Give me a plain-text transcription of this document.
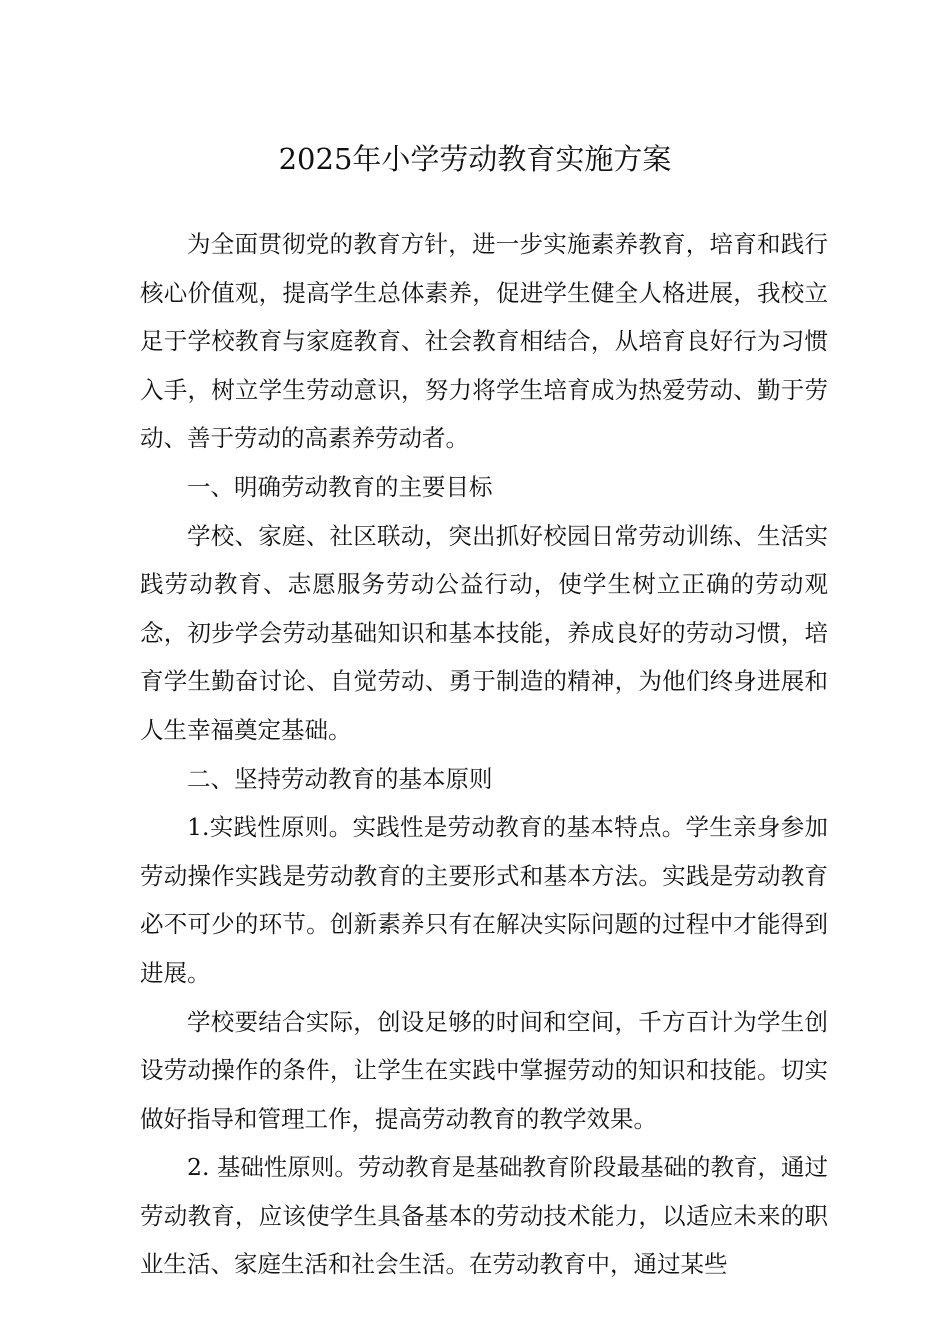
2025年小学劳动教育实施方案

为全面贯彻党的教育方针，进一步实施素养教育，培育和践行核心价值观，提高学生总体素养，促进学生健全人格进展，我校立足于学校教育与家庭教育、社会教育相结合，从培育良好行为习惯入手，树立学生劳动意识，努力将学生培育成为热爱劳动、勤于劳动、善于劳动的高素养劳动者。

一、明确劳动教育的主要目标

学校、家庭、社区联动，突出抓好校园日常劳动训练、生活实践劳动教育、志愿服务劳动公益行动，使学生树立正确的劳动观念，初步学会劳动基础知识和基本技能，养成良好的劳动习惯，培育学生勤奋讨论、自觉劳动、勇于制造的精神，为他们终身进展和人生幸福奠定基础。

二、坚持劳动教育的基本原则

1.实践性原则。实践性是劳动教育的基本特点。学生亲身参加劳动操作实践是劳动教育的主要形式和基本方法。实践是劳动教育必不可少的环节。创新素养只有在解决实际问题的过程中才能得到进展。

学校要结合实际，创设足够的时间和空间，千方百计为学生创设劳动操作的条件，让学生在实践中掌握劳动的知识和技能。切实做好指导和管理工作，提高劳动教育的教学效果。

2. 基础性原则。劳动教育是基础教育阶段最基础的教育，通过劳动教育，应该使学生具备基本的劳动技术能力，以适应未来的职业生活、家庭生活和社会生活。在劳动教育中，通过某些
